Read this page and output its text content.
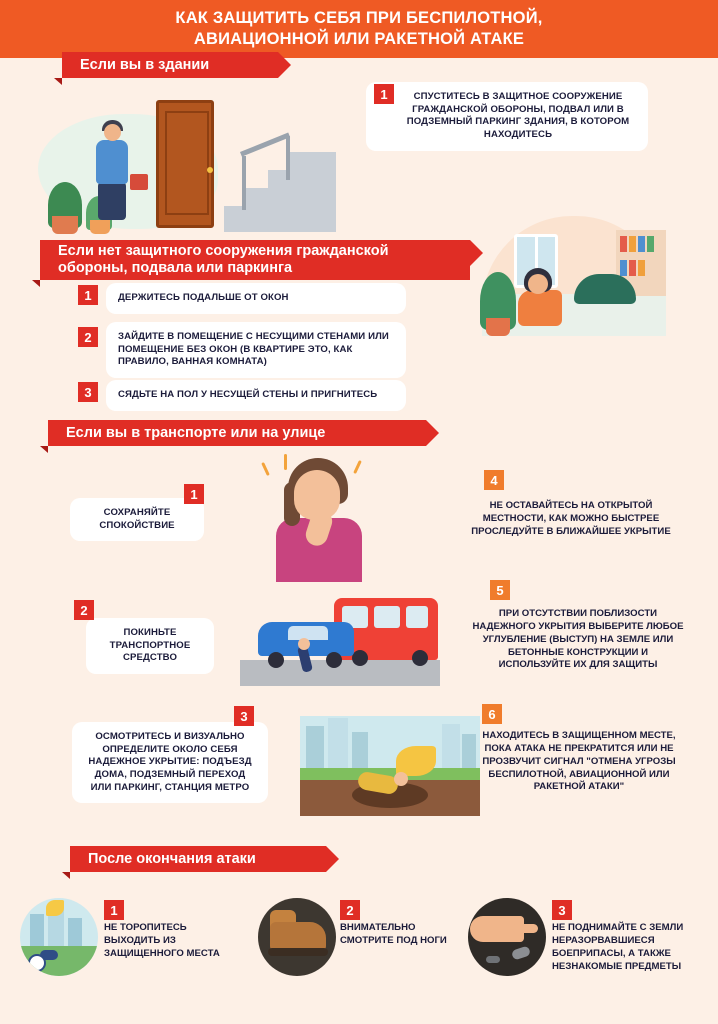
КАК ЗАЩИТИТЬ СЕБЯ ПРИ БЕСПИЛОТНОЙ,
АВИАЦИОННОЙ ИЛИ РАКЕТНОЙ АТАКЕ
Если вы в здании
1	СПУСТИТЕСЬ В ЗАЩИТНОЕ СООРУЖЕНИЕ ГРАЖДАНСКОЙ ОБОРОНЫ, ПОДВАЛ ИЛИ В ПОДЗЕМНЫЙ ПАРКИНГ ЗДАНИЯ, В КОТОРОМ НАХОДИТЕСЬ
Если нет защитного сооружения гражданской обороны, подвала или паркинга
1	ДЕРЖИТЕСЬ ПОДАЛЬШЕ ОТ ОКОН
2	ЗАЙДИТЕ В ПОМЕЩЕНИЕ С НЕСУЩИМИ СТЕНАМИ ИЛИ ПОМЕЩЕНИЕ БЕЗ ОКОН (В КВАРТИРЕ ЭТО, КАК ПРАВИЛО, ВАННАЯ КОМНАТА)
3	СЯДЬТЕ НА ПОЛ У НЕСУЩЕЙ СТЕНЫ И ПРИГНИТЕСЬ
Если вы в транспорте или на улице
1
СОХРАНЯЙТЕ СПОКОЙСТВИЕ
2
ПОКИНЬТЕ ТРАНСПОРТНОЕ СРЕДСТВО
3
ОСМОТРИТЕСЬ И ВИЗУАЛЬНО ОПРЕДЕЛИТЕ ОКОЛО СЕБЯ НАДЕЖНОЕ УКРЫТИЕ: ПОДЪЕЗД ДОМА, ПОДЗЕМНЫЙ ПЕРЕХОД ИЛИ ПАРКИНГ, СТАНЦИЯ МЕТРО
4
НЕ ОСТАВАЙТЕСЬ НА ОТКРЫТОЙ МЕСТНОСТИ, КАК МОЖНО БЫСТРЕЕ ПРОСЛЕДУЙТЕ В БЛИЖАЙШЕЕ УКРЫТИЕ
5
ПРИ ОТСУТСТВИИ ПОБЛИЗОСТИ НАДЕЖНОГО УКРЫТИЯ ВЫБЕРИТЕ ЛЮБОЕ УГЛУБЛЕНИЕ (ВЫСТУП) НА ЗЕМЛЕ ИЛИ БЕТОННЫЕ КОНСТРУКЦИИ И ИСПОЛЬЗУЙТЕ ИХ ДЛЯ ЗАЩИТЫ
6
НАХОДИТЕСЬ В ЗАЩИЩЕННОМ МЕСТЕ, ПОКА АТАКА НЕ ПРЕКРАТИТСЯ ИЛИ НЕ ПРОЗВУЧИТ СИГНАЛ "ОТМЕНА УГРОЗЫ БЕСПИЛОТНОЙ, АВИАЦИОННОЙ ИЛИ РАКЕТНОЙ АТАКИ"
После окончания атаки
1
НЕ ТОРОПИТЕСЬ ВЫХОДИТЬ ИЗ ЗАЩИЩЕННОГО МЕСТА
2
ВНИМАТЕЛЬНО СМОТРИТЕ ПОД НОГИ
3
НЕ ПОДНИМАЙТЕ С ЗЕМЛИ НЕРАЗОРВАВШИЕСЯ БОЕПРИПАСЫ, А ТАКЖЕ НЕЗНАКОМЫЕ ПРЕДМЕТЫ
